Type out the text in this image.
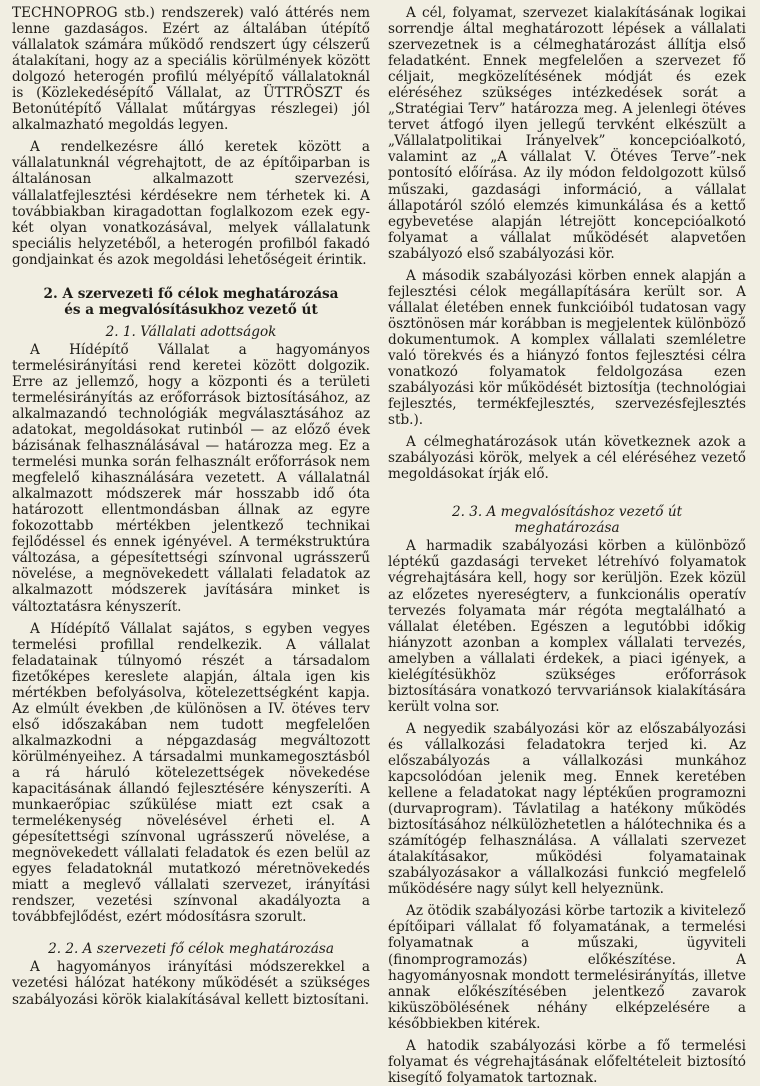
TECHNOPROG stb.) rendszerek) való áttérés nem lenne gazdaságos. Ezért az általában útépítő vállalatok számára működő rendszert úgy célszerű átalakítani, hogy az a speciális körülmények között dolgozó heterogén profilú mélyépítő vállalatoknál is (Közlekedésépítő Vállalat, az ÜTTRÖSZT és Betonútépítő Vállalat műtárgyas részlegei) jól alkalmazható megoldás legyen.

A rendelkezésre álló keretek között a vállalatunknál végrehajtott, de az építőiparban is általánosan alkalmazott szervezési, vállalatfejlesztési kérdésekre nem térhetek ki. A továbbiakban kiragadottan foglalkozom ezek egy-két olyan vonatkozásával, melyek vállalatunk speciális helyzetéből, a heterogén profilból fakadó gondjainkat és azok megoldási lehetőségeit érintik.

2. A szervezeti fő célok meghatározása
és a megvalósításukhoz vezető út
2. 1. Vállalati adottságok

A Hídépítő Vállalat a hagyományos termelésirányítási rend keretei között dolgozik. Erre az jellemző, hogy a központi és a területi termelésirányítás az erőforrások biztosításához, az alkalmazandó technológiák megválasztásához az adatokat, megoldásokat rutinból — az előző évek bázisának felhasználásával — határozza meg. Ez a termelési munka során felhasznált erőforrások nem megfelelő kihasználására vezetett. A vállalatnál alkalmazott módszerek már hosszabb idő óta határozott ellentmondásban állnak az egyre fokozottabb mértékben jelentkező technikai fejlődéssel és ennek igényével. A termékstruktúra változása, a gépesítettségi színvonal ugrásszerű növelése, a megnövekedett vállalati feladatok az alkalmazott módszerek javítására minket is változtatásra kényszerít.

A Hídépítő Vállalat sajátos, s egyben vegyes termelési profillal rendelkezik. A vállalat feladatainak túlnyomó részét a társadalom fizetőképes kereslete alapján, általa igen kis mértékben befolyásolva, kötelezettségként kapja. Az elmúlt években ,de különösen a IV. ötéves terv első időszakában nem tudott megfelelően alkalmazkodni a népgazdaság megváltozott körülményeihez. A társadalmi munkamegosztásból a rá háruló kötelezettségek növekedése kapacitásának állandó fejlesztésére kényszeríti. A munkaerőpiac szűkülése miatt ezt csak a termelékenység növelésével érheti el. A gépesítettségi színvonal ugrásszerű növelése, a megnövekedett vállalati feladatok és ezen belül az egyes feladatoknál mutatkozó méretnövekedés miatt a meglevő vállalati szervezet, irányítási rendszer, vezetési színvonal akadályozta a továbbfejlődést, ezért módosításra szorult.

2. 2. A szervezeti fő célok meghatározása

A hagyományos irányítási módszerekkel a vezetési hálózat hatékony működését a szükséges szabályozási körök kialakításával kellett biztosítani.

A cél, folyamat, szervezet kialakításának logikai sorrendje által meghatározott lépések a vállalati szervezetnek is a célmeghatározást állítja első feladatként. Ennek megfelelően a szervezet fő céljait, megközelítésének módját és ezek eléréséhez szükséges intézkedések sorát a „Stratégiai Terv” határozza meg. A jelenlegi ötéves tervet átfogó ilyen jellegű tervként elkészült a „Vállalatpolitikai Irányelvek” koncepcióalkotó, valamint az „A vállalat V. Ötéves Terve”-nek pontosító előírása. Az ily módon feldolgozott külső műszaki, gazdasági információ, a vállalat állapotáról szóló elemzés kimunkálása és a kettő egybevetése alapján létrejött koncepcióalkotó folyamat a vállalat működését alapvetően szabályozó első szabályozási kör.

A második szabályozási körben ennek alapján a fejlesztési célok megállapítására került sor. A vállalat életében ennek funkcióiból tudatosan vagy ösztönösen már korábban is megjelentek különböző dokumentumok. A komplex vállalati szemléletre való törekvés és a hiányzó fontos fejlesztési célra vonatkozó folyamatok feldolgozása ezen szabályozási kör működését biztosítja (technológiai fejlesztés, termékfejlesztés, szervezésfejlesztés stb.).

A célmeghatározások után következnek azok a szabályozási körök, melyek a cél eléréséhez vezető megoldásokat írják elő.

2. 3. A megvalósításhoz vezető út
meghatározása

A harmadik szabályozási körben a különböző léptékű gazdasági terveket létrehívó folyamatok végrehajtására kell, hogy sor kerüljön. Ezek közül az előzetes nyereségterv, a funkcionális operatív tervezés folyamata már régóta megtalálható a vállalat életében. Egészen a legutóbbi időkig hiányzott azonban a komplex vállalati tervezés, amelyben a vállalati érdekek, a piaci igények, a kielégítésükhöz szükséges erőforrások biztosítására vonatkozó tervvariánsok kialakítására került volna sor.

A negyedik szabályozási kör az előszabályozási és vállalkozási feladatokra terjed ki. Az előszabályozás a vállalkozási munkához kapcsolódóan jelenik meg. Ennek keretében kellene a feladatokat nagy léptékűen programozni (durvaprogram). Távlatilag a hatékony működés biztosításához nélkülözhetetlen a hálótechnika és a számítógép felhasználása. A vállalati szervezet átalakításakor, működési folyamatainak szabályozásakor a vállalkozási funkció megfelelő működésére nagy súlyt kell helyeznünk.

Az ötödik szabályozási körbe tartozik a kivitelező építőipari vállalat fő folyamatának, a termelési folyamatnak a műszaki, ügyviteli (finomprogramozás) előkészítése. A hagyományosnak mondott termelésirányítás, illetve annak előkészítésében jelentkező zavarok kiküszöbölésének néhány elképzelésére a későbbiekben kitérek.

A hatodik szabályozási körbe a fő termelési folyamat és végrehajtásának előfeltételeit biztosító kisegítő folyamatok tartoznak.
